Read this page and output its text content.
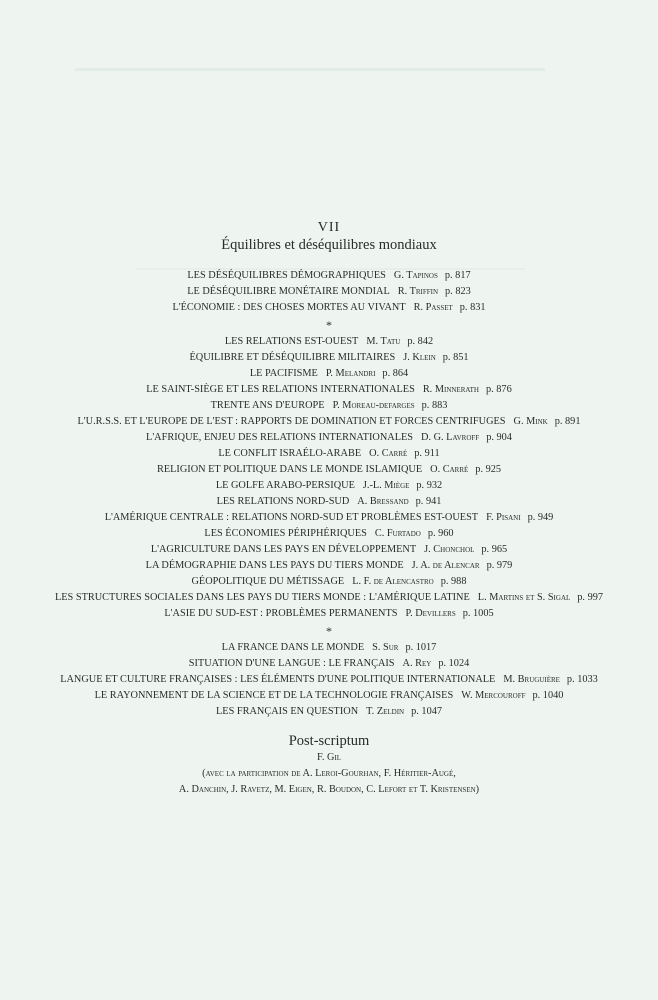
VII
Équilibres et déséquilibres mondiaux
LES DÉSÉQUILIBRES DÉMOGRAPHIQUES G. Tapinos p. 817
LE DÉSÉQUILIBRE MONÉTAIRE MONDIAL R. Triffin p. 823
L'ÉCONOMIE : DES CHOSES MORTES AU VIVANT R. Passet p. 831
*
LES RELATIONS EST-OUEST M. Tatu p. 842
ÉQUILIBRE ET DÉSÉQUILIBRE MILITAIRES J. Klein p. 851
LE PACIFISME P. Melandri p. 864
LE SAINT-SIÈGE ET LES RELATIONS INTERNATIONALES R. Minnerath p. 876
TRENTE ANS D'EUROPE P. Moreau-defarges p. 883
L'U.R.S.S. ET L'EUROPE DE L'EST : RAPPORTS DE DOMINATION ET FORCES CENTRIFUGES G. Mink p. 891
L'AFRIQUE, ENJEU DES RELATIONS INTERNATIONALES D. G. Lavroff p. 904
LE CONFLIT ISRAÉLO-ARABE O. Carré p. 911
RELIGION ET POLITIQUE DANS LE MONDE ISLAMIQUE O. Carré p. 925
LE GOLFE ARABO-PERSIQUE J.-L. Miège p. 932
LES RELATIONS NORD-SUD A. Bressand p. 941
L'AMÉRIQUE CENTRALE : RELATIONS NORD-SUD ET PROBLÈMES EST-OUEST F. Pisani p. 949
LES ÉCONOMIES PÉRIPHÉRIQUES C. Furtado p. 960
L'AGRICULTURE DANS LES PAYS EN DÉVELOPPEMENT J. Chonchol p. 965
LA DÉMOGRAPHIE DANS LES PAYS DU TIERS MONDE J. A. de Alencar p. 979
GÉOPOLITIQUE DU MÉTISSAGE L. F. de Alencastro p. 988
LES STRUCTURES SOCIALES DANS LES PAYS DU TIERS MONDE : L'AMÉRIQUE LATINE L. Martins et S. Sigal p. 997
L'ASIE DU SUD-EST : PROBLÈMES PERMANENTS P. Devillers p. 1005
*
LA FRANCE DANS LE MONDE S. Sur p. 1017
SITUATION D'UNE LANGUE : LE FRANÇAIS A. Rey p. 1024
LANGUE ET CULTURE FRANÇAISES : LES ÉLÉMENTS D'UNE POLITIQUE INTERNATIONALE M. Bruguière p. 1033
LE RAYONNEMENT DE LA SCIENCE ET DE LA TECHNOLOGIE FRANÇAISES W. Mercouroff p. 1040
LES FRANÇAIS EN QUESTION T. Zeldin p. 1047
Post-scriptum
F. Gil
(avec la participation de A. Leroi-Gourhan, F. Héritier-Augé,
A. Danchin, J. Ravetz, M. Eigen, R. Boudon, C. Lefort et T. Kristensen)
